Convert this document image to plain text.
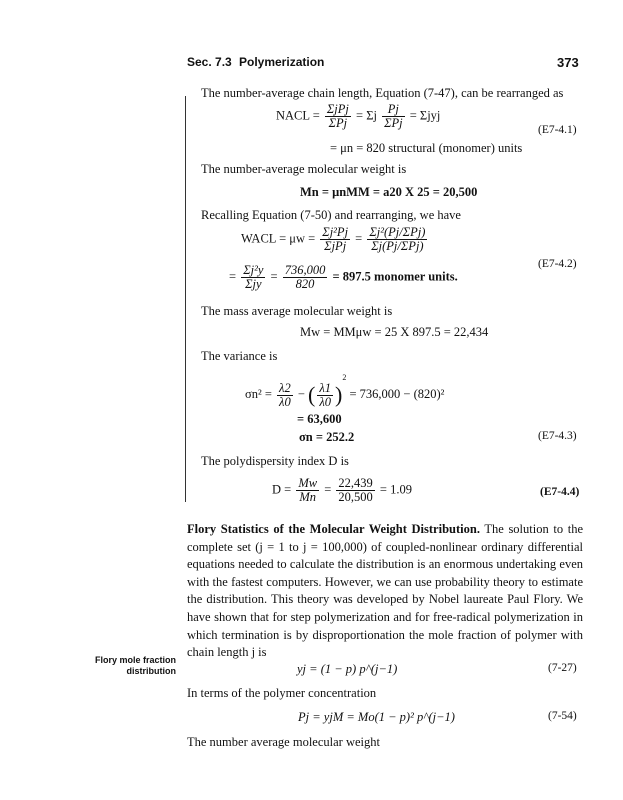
Sec. 7.3 Polymerization	373
The number-average chain length, Equation (7-47), can be rearranged as
NACL = $\frac{\text{ΣjPj}}{\text{ΣPj}} = \Sigma j \frac{Pj}{\text{ΣPj}} = \Sigma jyj$
(E7-4.1)
= μn = 820 structural (monomer) units
The number-average molecular weight is
Mn = μnMM = a20 X 25 = 20,500
Recalling Equation (7-50) and rearranging, we have
WACL = $\mu w = \frac{\text{Σj²Pj}}{\text{ΣjPj}} = \frac{\text{Σj²(Pj/ΣPj)}}{\text{Σj(Pj/ΣPj)}}$
(E7-4.2)
= $\frac{\text{Σj²y}}{\text{Σjy}} = \frac{736,000}{820} = 897.5$ monomer units.
The mass average molecular weight is
Mw = MMμw = 25 X 897.5 = 22,434
The variance is
$\sigma n^2 = \frac{\lambda 2}{\lambda 0}$ − ( $\frac{\lambda 1}{\lambda 0} )^2 = 736,000 - (820)^2$
= 63,600
σn = 252.2	(E7-4.3)
The polydispersity index D is
$D = \frac{Mw}{Mn} = \frac{22,439}{20,500} = 1.09$	(E7-4.4)
Flory Statistics of the Molecular Weight Distribution. The solution to the complete set (j = 1 to j = 100,000) of coupled-nonlinear ordinary differential equations needed to calculate the distribution is an enormous undertaking even with the fastest computers. However, we can use probability theory to estimate the distribution. This theory was developed by Nobel laureate Paul Flory. We have shown that for step polymerization and for free-radical polymerization in which termination is by disproportionation the mole fraction of polymer with chain length j is
Flory mole fraction
distribution	yj = (1 − p) p^(j−1)	(7-27)
In terms of the polymer concentration
Pj = yjM = Mo(1 − p)² p^(j−1)	(7-54)
The number average molecular weight
